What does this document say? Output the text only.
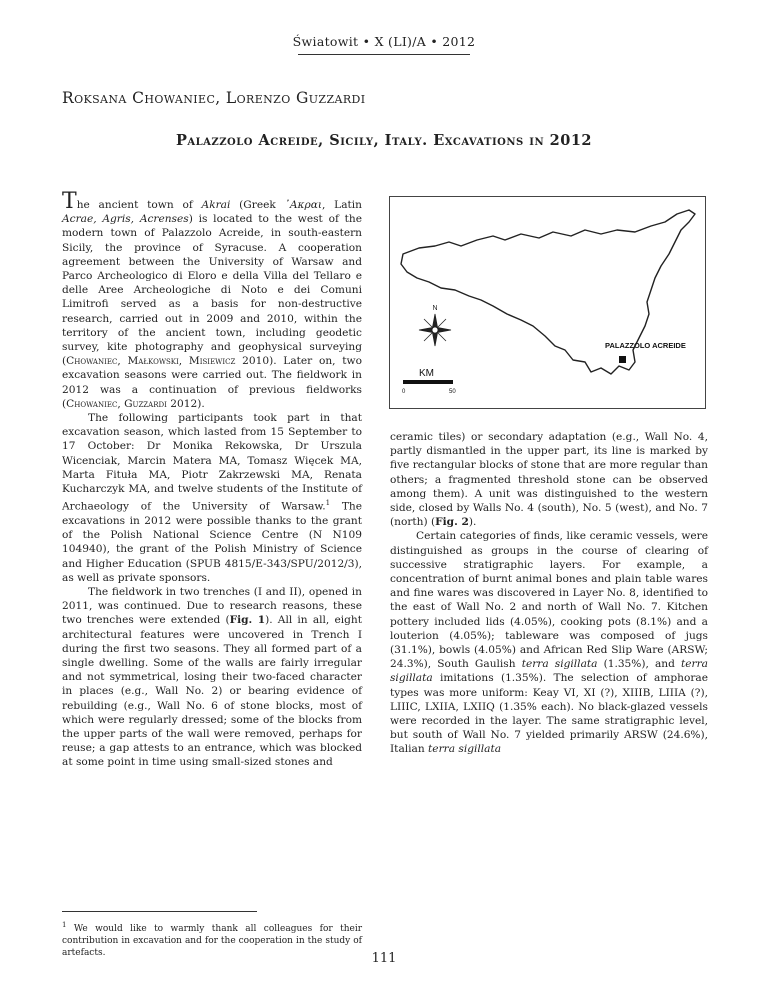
Światowit • X (LI)/A • 2012
Roksana Chowaniec, Lorenzo Guzzardi
Palazzolo Acreide, Sicily, Italy. Excavations in 2012

The ancient town of Akrai (Greek ᾿Ακραι, Latin Acrae, Agris, Acrenses) is located to the west of the modern town of Palazzolo Acreide, in south-eastern Sicily, the province of Syracuse. A cooperation agreement between the University of Warsaw and Parco Archeologico di Eloro e della Villa del Tellaro e delle Aree Archeologiche di Noto e dei Comuni Limitrofi served as a basis for non-destructive research, carried out in 2009 and 2010, within the territory of the ancient town, including geodetic survey, kite photography and geophysical surveying (Chowaniec, Małkowski, Misiewicz 2010). Later on, two excavation seasons were carried out. The fieldwork in 2012 was a continuation of previous fieldworks (Chowaniec, Guzzardi 2012).

The following participants took part in that excavation season, which lasted from 15 September to 17 October: Dr Monika Rekowska, Dr Urszula Wicenciak, Marcin Matera MA, Tomasz Więcek MA, Marta Fituła MA, Piotr Zakrzewski MA, Renata Kucharczyk MA, and twelve students of the Institute of Archaeology of the University of Warsaw.$^1$ The excavations in 2012 were possible thanks to the grant of the Polish National Science Centre (N N109 104940), the grant of the Polish Ministry of Science and Higher Education (SPUB 4815/E-343/SPU/2012/3), as well as private sponsors.

The fieldwork in two trenches (I and II), opened in 2011, was continued. Due to research reasons, these two trenches were extended (Fig. 1). All in all, eight architectural features were uncovered in Trench I during the first two seasons. They all formed part of a single dwelling. Some of the walls are fairly irregular and not symmetrical, losing their two-faced character in places (e.g., Wall No. 2) or bearing evidence of rebuilding (e.g., Wall No. 6 of stone blocks, most of which were regularly dressed; some of the blocks from the upper parts of the wall were removed, perhaps for reuse; a gap attests to an entrance, which was blocked at some point in time using small-sized stones and

N
PALAZZOLO ACREIDE
KM
0	50

ceramic tiles) or secondary adaptation (e.g., Wall No. 4, partly dismantled in the upper part, its line is marked by five rectangular blocks of stone that are more regular than others; a fragmented threshold stone can be observed among them). A unit was distinguished to the western side, closed by Walls No. 4 (south), No. 5 (west), and No. 7 (north) (Fig. 2).

Certain categories of finds, like ceramic vessels, were distinguished as groups in the course of clearing of successive stratigraphic layers. For example, a concentration of burnt animal bones and plain table wares and fine wares was discovered in Layer No. 8, identified to the east of Wall No. 2 and north of Wall No. 7. Kitchen pottery included lids (4.05%), cooking pots (8.1%) and a louterion (4.05%); tableware was composed of jugs (31.1%), bowls (4.05%) and African Red Slip Ware (ARSW; 24.3%), South Gaulish terra sigillata (1.35%), and terra sigillata imitations (1.35%). The selection of amphorae types was more uniform: Keay VI, XI (?), XIIIB, LIIIA (?), LIIIC, LXIIA, LXIIQ (1.35% each). No black-glazed vessels were recorded in the layer. The same stratigraphic level, but south of Wall No. 7 yielded primarily ARSW (24.6%), Italian terra sigillata

$^1$ We would like to warmly thank all colleagues for their contribution in excavation and for the cooperation in the study of artefacts.	111
